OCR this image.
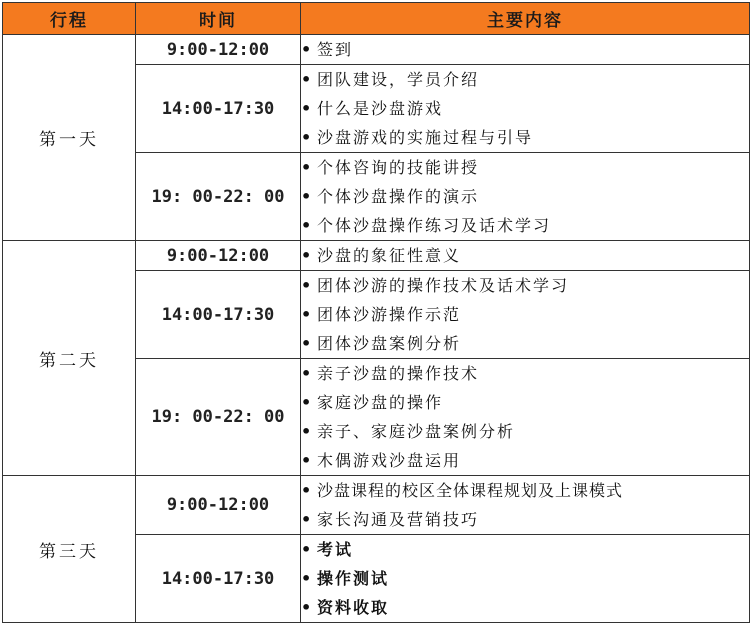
行程	时间	主要内容
第一天	9:00-12:00	• 签到

	14:00-17:30	• 团队建设，学员介绍
• 什么是沙盘游戏
• 沙盘游戏的实施过程与引导

	19: 00-22: 00	• 个体咨询的技能讲授
• 个体沙盘操作的演示
• 个体沙盘操作练习及话术学习

第二天	9:00-12:00	• 沙盘的象征性意义

	14:00-17:30	• 团体沙游的操作技术及话术学习
• 团体沙游操作示范
• 团体沙盘案例分析

	19: 00-22: 00	• 亲子沙盘的操作技术
• 家庭沙盘的操作
• 亲子、家庭沙盘案例分析
• 木偶游戏沙盘运用

第三天	9:00-12:00	• 沙盘课程的校区全体课程规划及上课模式
• 家长沟通及营销技巧

	14:00-17:30	• 考试
• 操作测试
• 资料收取
